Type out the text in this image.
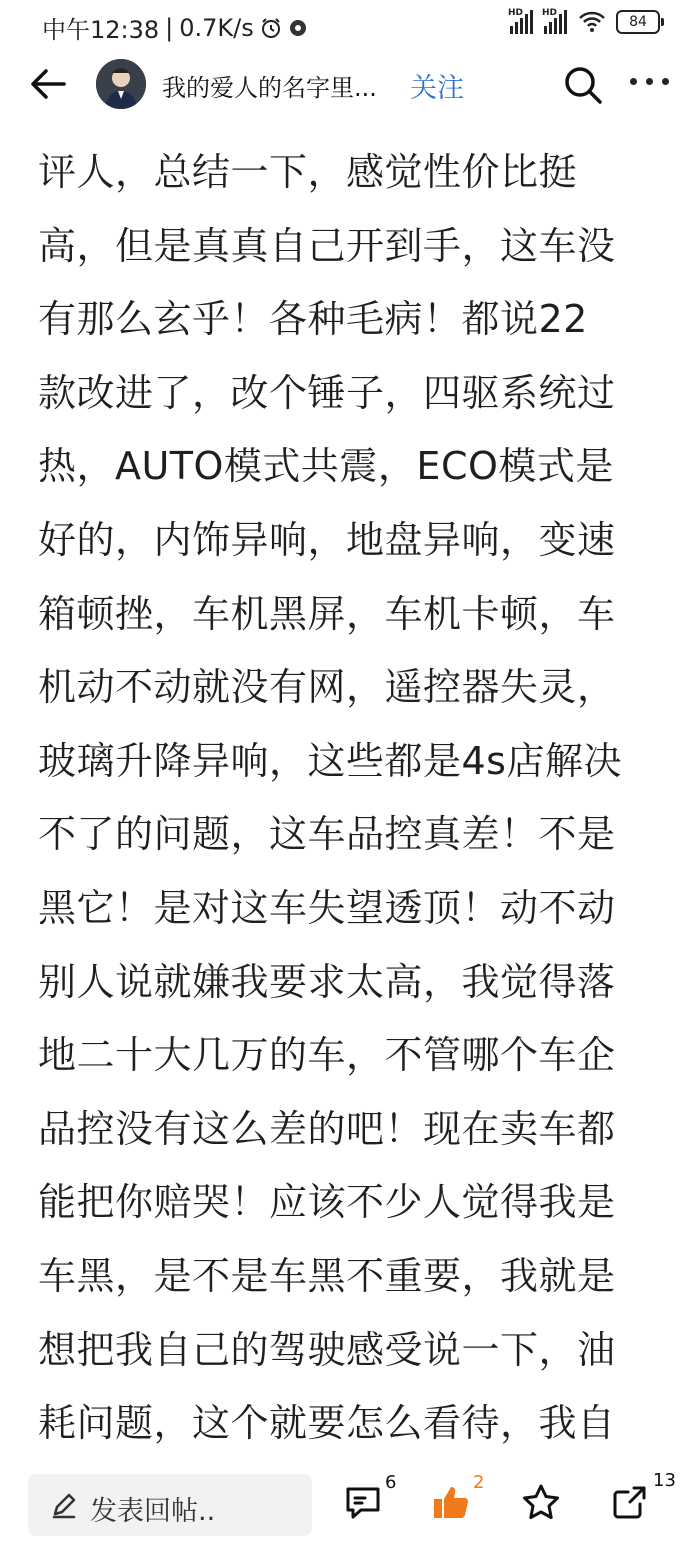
中午12:38 | 0.7K/s
HD HD
84
我的爱人的名字里... 关注
评人，总结一下，感觉性价比挺
高，但是真真自己开到手，这车没
有那么玄乎！各种毛病！都说22
款改进了，改个锤子，四驱系统过
热，AUTO模式共震，ECO模式是
好的，内饰异响，地盘异响，变速
箱顿挫，车机黑屏，车机卡顿，车
机动不动就没有网，遥控器失灵，
玻璃升降异响，这些都是4s店解决
不了的问题，这车品控真差！不是
黑它！是对这车失望透顶！动不动
别人说就嫌我要求太高，我觉得落
地二十大几万的车，不管哪个车企
品控没有这么差的吧！现在卖车都
能把你赔哭！应该不少人觉得我是
车黑，是不是车黑不重要，我就是
想把我自己的驾驶感受说一下，油
耗问题，这个就要怎么看待，我自
发表回帖..
6	2	13
